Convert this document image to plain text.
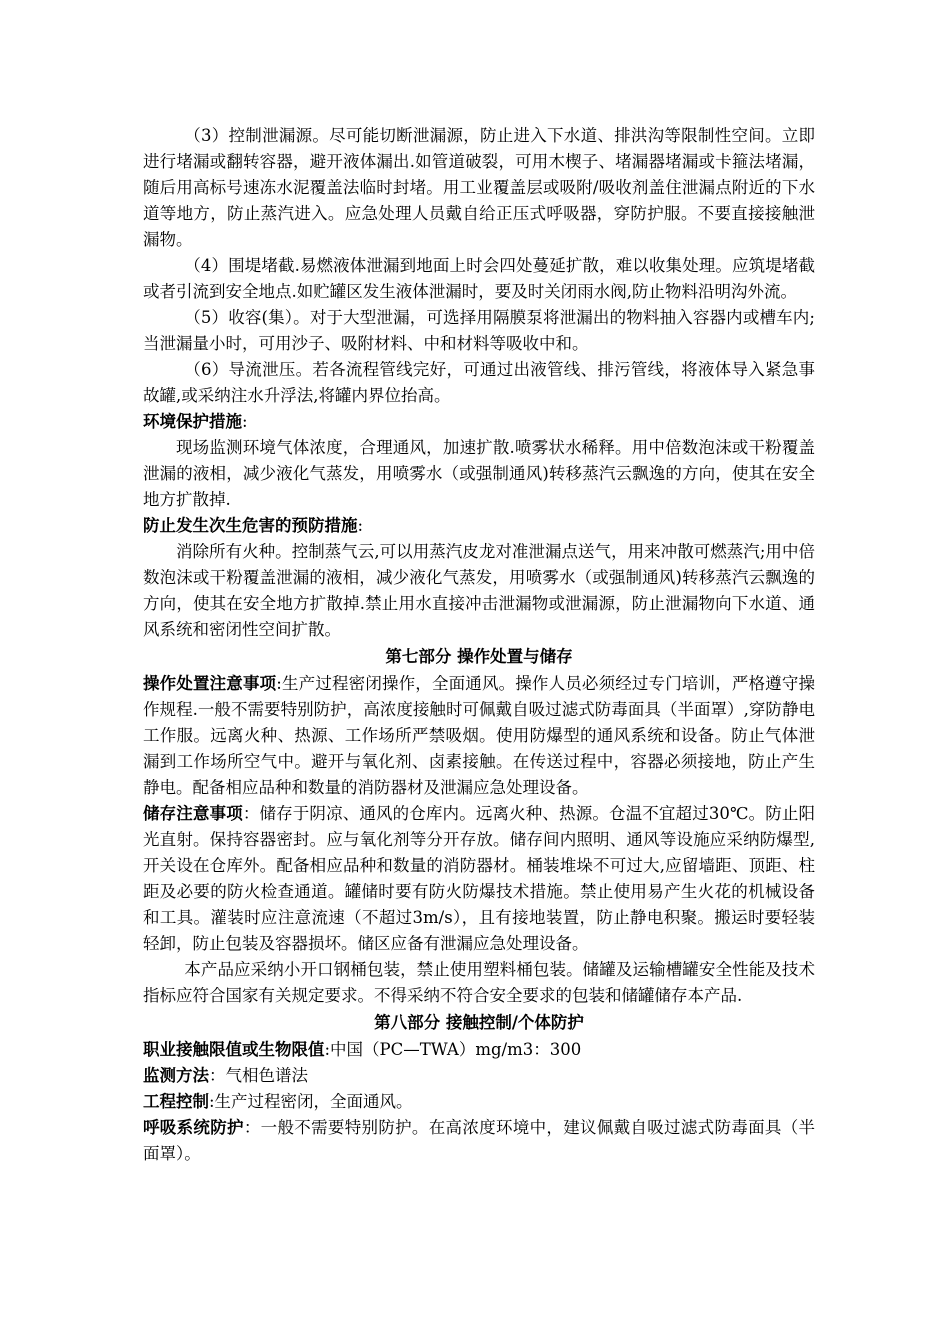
（3）控制泄漏源。尽可能切断泄漏源，防止进入下水道、排洪沟等限制性空间。立即进行堵漏或翻转容器，避开液体漏出.如管道破裂，可用木楔子、堵漏器堵漏或卡箍法堵漏，随后用高标号速冻水泥覆盖法临时封堵。用工业覆盖层或吸附/吸收剂盖住泄漏点附近的下水道等地方，防止蒸汽进入。应急处理人员戴自给正压式呼吸器，穿防护服。不要直接接触泄漏物。

（4）围堤堵截.易燃液体泄漏到地面上时会四处蔓延扩散，难以收集处理。应筑堤堵截或者引流到安全地点.如贮罐区发生液体泄漏时，要及时关闭雨水阀,防止物料沿明沟外流。

（5）收容(集）。对于大型泄漏，可选择用隔膜泵将泄漏出的物料抽入容器内或槽车内;当泄漏量小时，可用沙子、吸附材料、中和材料等吸收中和。

（6）导流泄压。若各流程管线完好，可通过出液管线、排污管线，将液体导入紧急事故罐,或采纳注水升浮法,将罐内界位抬高。

环境保护措施:

现场监测环境气体浓度，合理通风，加速扩散.喷雾状水稀释。用中倍数泡沫或干粉覆盖泄漏的液相，减少液化气蒸发，用喷雾水（或强制通风)转移蒸汽云飘逸的方向，使其在安全地方扩散掉.

防止发生次生危害的预防措施:

消除所有火种。控制蒸气云,可以用蒸汽皮龙对准泄漏点送气，用来冲散可燃蒸汽;用中倍数泡沫或干粉覆盖泄漏的液相，减少液化气蒸发，用喷雾水（或强制通风)转移蒸汽云飘逸的方向，使其在安全地方扩散掉.禁止用水直接冲击泄漏物或泄漏源，防止泄漏物向下水道、通风系统和密闭性空间扩散。

第七部分 操作处置与储存

操作处置注意事项:生产过程密闭操作，全面通风。操作人员必须经过专门培训，严格遵守操作规程.一般不需要特别防护，高浓度接触时可佩戴自吸过滤式防毒面具（半面罩）,穿防静电工作服。远离火种、热源、工作场所严禁吸烟。使用防爆型的通风系统和设备。防止气体泄漏到工作场所空气中。避开与氧化剂、卤素接触。在传送过程中，容器必须接地，防止产生静电。配备相应品种和数量的消防器材及泄漏应急处理设备。

储存注意事项：储存于阴凉、通风的仓库内。远离火种、热源。仓温不宜超过30℃。防止阳光直射。保持容器密封。应与氧化剂等分开存放。储存间内照明、通风等设施应采纳防爆型,开关设在仓库外。配备相应品种和数量的消防器材。桶装堆垛不可过大,应留墙距、顶距、柱距及必要的防火检查通道。罐储时要有防火防爆技术措施。禁止使用易产生火花的机械设备和工具。灌装时应注意流速（不超过3m/s），且有接地装置，防止静电积聚。搬运时要轻装轻卸，防止包装及容器损坏。储区应备有泄漏应急处理设备。

本产品应采纳小开口钢桶包装，禁止使用塑料桶包装。储罐及运输槽罐安全性能及技术指标应符合国家有关规定要求。不得采纳不符合安全要求的包装和储罐储存本产品.

第八部分 接触控制/个体防护

职业接触限值或生物限值:中国（PC—TWA）mg/m3：300

监测方法：气相色谱法

工程控制:生产过程密闭，全面通风。

呼吸系统防护：一般不需要特别防护。在高浓度环境中，建议佩戴自吸过滤式防毒面具（半面罩）。
